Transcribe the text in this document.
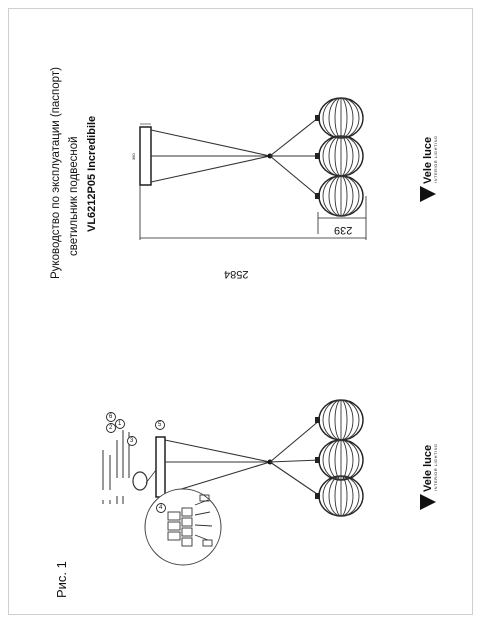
Руководство по эксплуатации (паспорт) светильник подвесной VL6212P05 Incredibile
Рис. 1
2584
239
380
1
2
3
4
5
6
Vele luce INTERIOR LIGHTING
Vele luce INTERIOR LIGHTING
